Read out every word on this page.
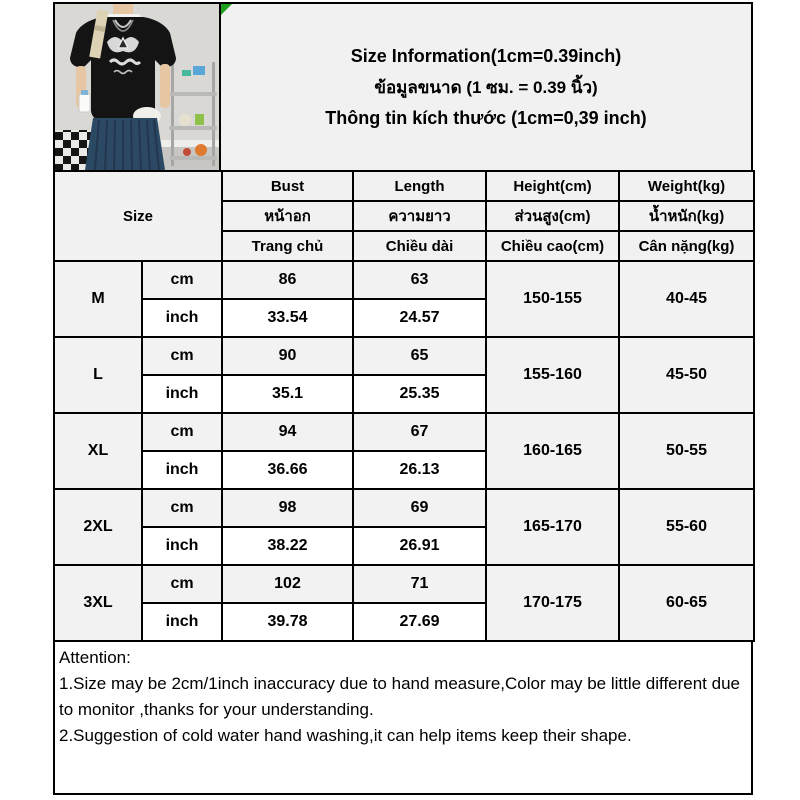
Size Information(1cm=0.39inch)
ข้อมูลขนาด (1 ซม. = 0.39 นิ้ว)
Thông tin kích thước (1cm=0,39 inch)
Size		Bust	Length	Height(cm)	Weight(kg)
		หน้าอก	ความยาว	ส่วนสูง(cm)	น้ำหนัก(kg)
		Trang chủ	Chiều dài	Chiều cao(cm)	Cân nặng(kg)
M	cm	86	63	150-155	40-45
	inch	33.54	24.57		
L	cm	90	65	155-160	45-50
	inch	35.1	25.35		
XL	cm	94	67	160-165	50-55
	inch	36.66	26.13		
2XL	cm	98	69	165-170	55-60
	inch	38.22	26.91		
3XL	cm	102	71	170-175	60-65
	inch	39.78	27.69		
Attention:
1.Size may be 2cm/1inch inaccuracy due to hand measure,Color may be little different due to monitor ,thanks for your understanding.
2.Suggestion of cold water hand washing,it can help items keep their shape.
